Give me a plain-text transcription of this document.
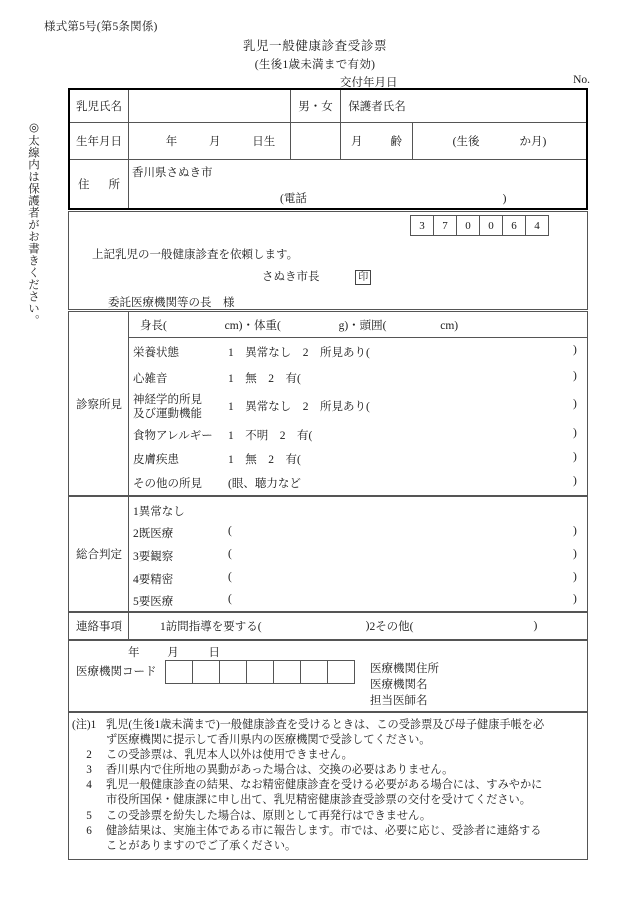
様式第5号(第5条関係)
乳児一般健康診査受診票
(生後1歳未満まで有効)
交付年月日	No.
◎太線内は保護者がお書きください。
乳児氏名	男・女	保護者氏名
生年月日	年	月	日生	月 齢	(生後	か月)
住 所
香川県さぬき市
(電話	)
3	7	0	0	6	4
上記乳児の一般健康診査を依頼します。
さぬき市長	印
委託医療機関等の長　様
診察所見
身長(	cm)・体重(	g)・頭囲(	cm)
栄養状態	1　異常なし　2　所見あり(	)
心雑音	1　無　2　有(	)
神経学的所見
及び運動機能
1　異常なし　2　所見あり(	)
食物アレルギー 1　不明　2　有(	)
皮膚疾患	1　無　2　有(	)
その他の所見 (眼、聴力など	)
総合判定
1異常なし
2既医療	(	)
3要観察	(	)
4要精密	(	)
5要医療	(	)
連絡事項	1訪問指導を要する(	) 2その他(	)
年 月	日
医療機関コード	医療機関住所
医療機関名
担当医師名
(注)1 乳児(生後1歳未満まで)一般健康診査を受けるときは、この受診票及び母子健康手帳を必
ず医療機関に提示して香川県内の医療機関で受診してください。
2	この受診票は、乳児本人以外は使用できません。
3	香川県内で住所地の異動があった場合は、交換の必要はありません。
4	乳児一般健康診査の結果、なお精密健康診査を受ける必要がある場合には、すみやかに
市役所国保・健康課に申し出て、乳児精密健康診査受診票の交付を受けてください。
5	この受診票を紛失した場合は、原則として再発行はできません。
6	健診結果は、実施主体である市に報告します。市では、必要に応じ、受診者に連絡する
ことがありますのでご了承ください。
